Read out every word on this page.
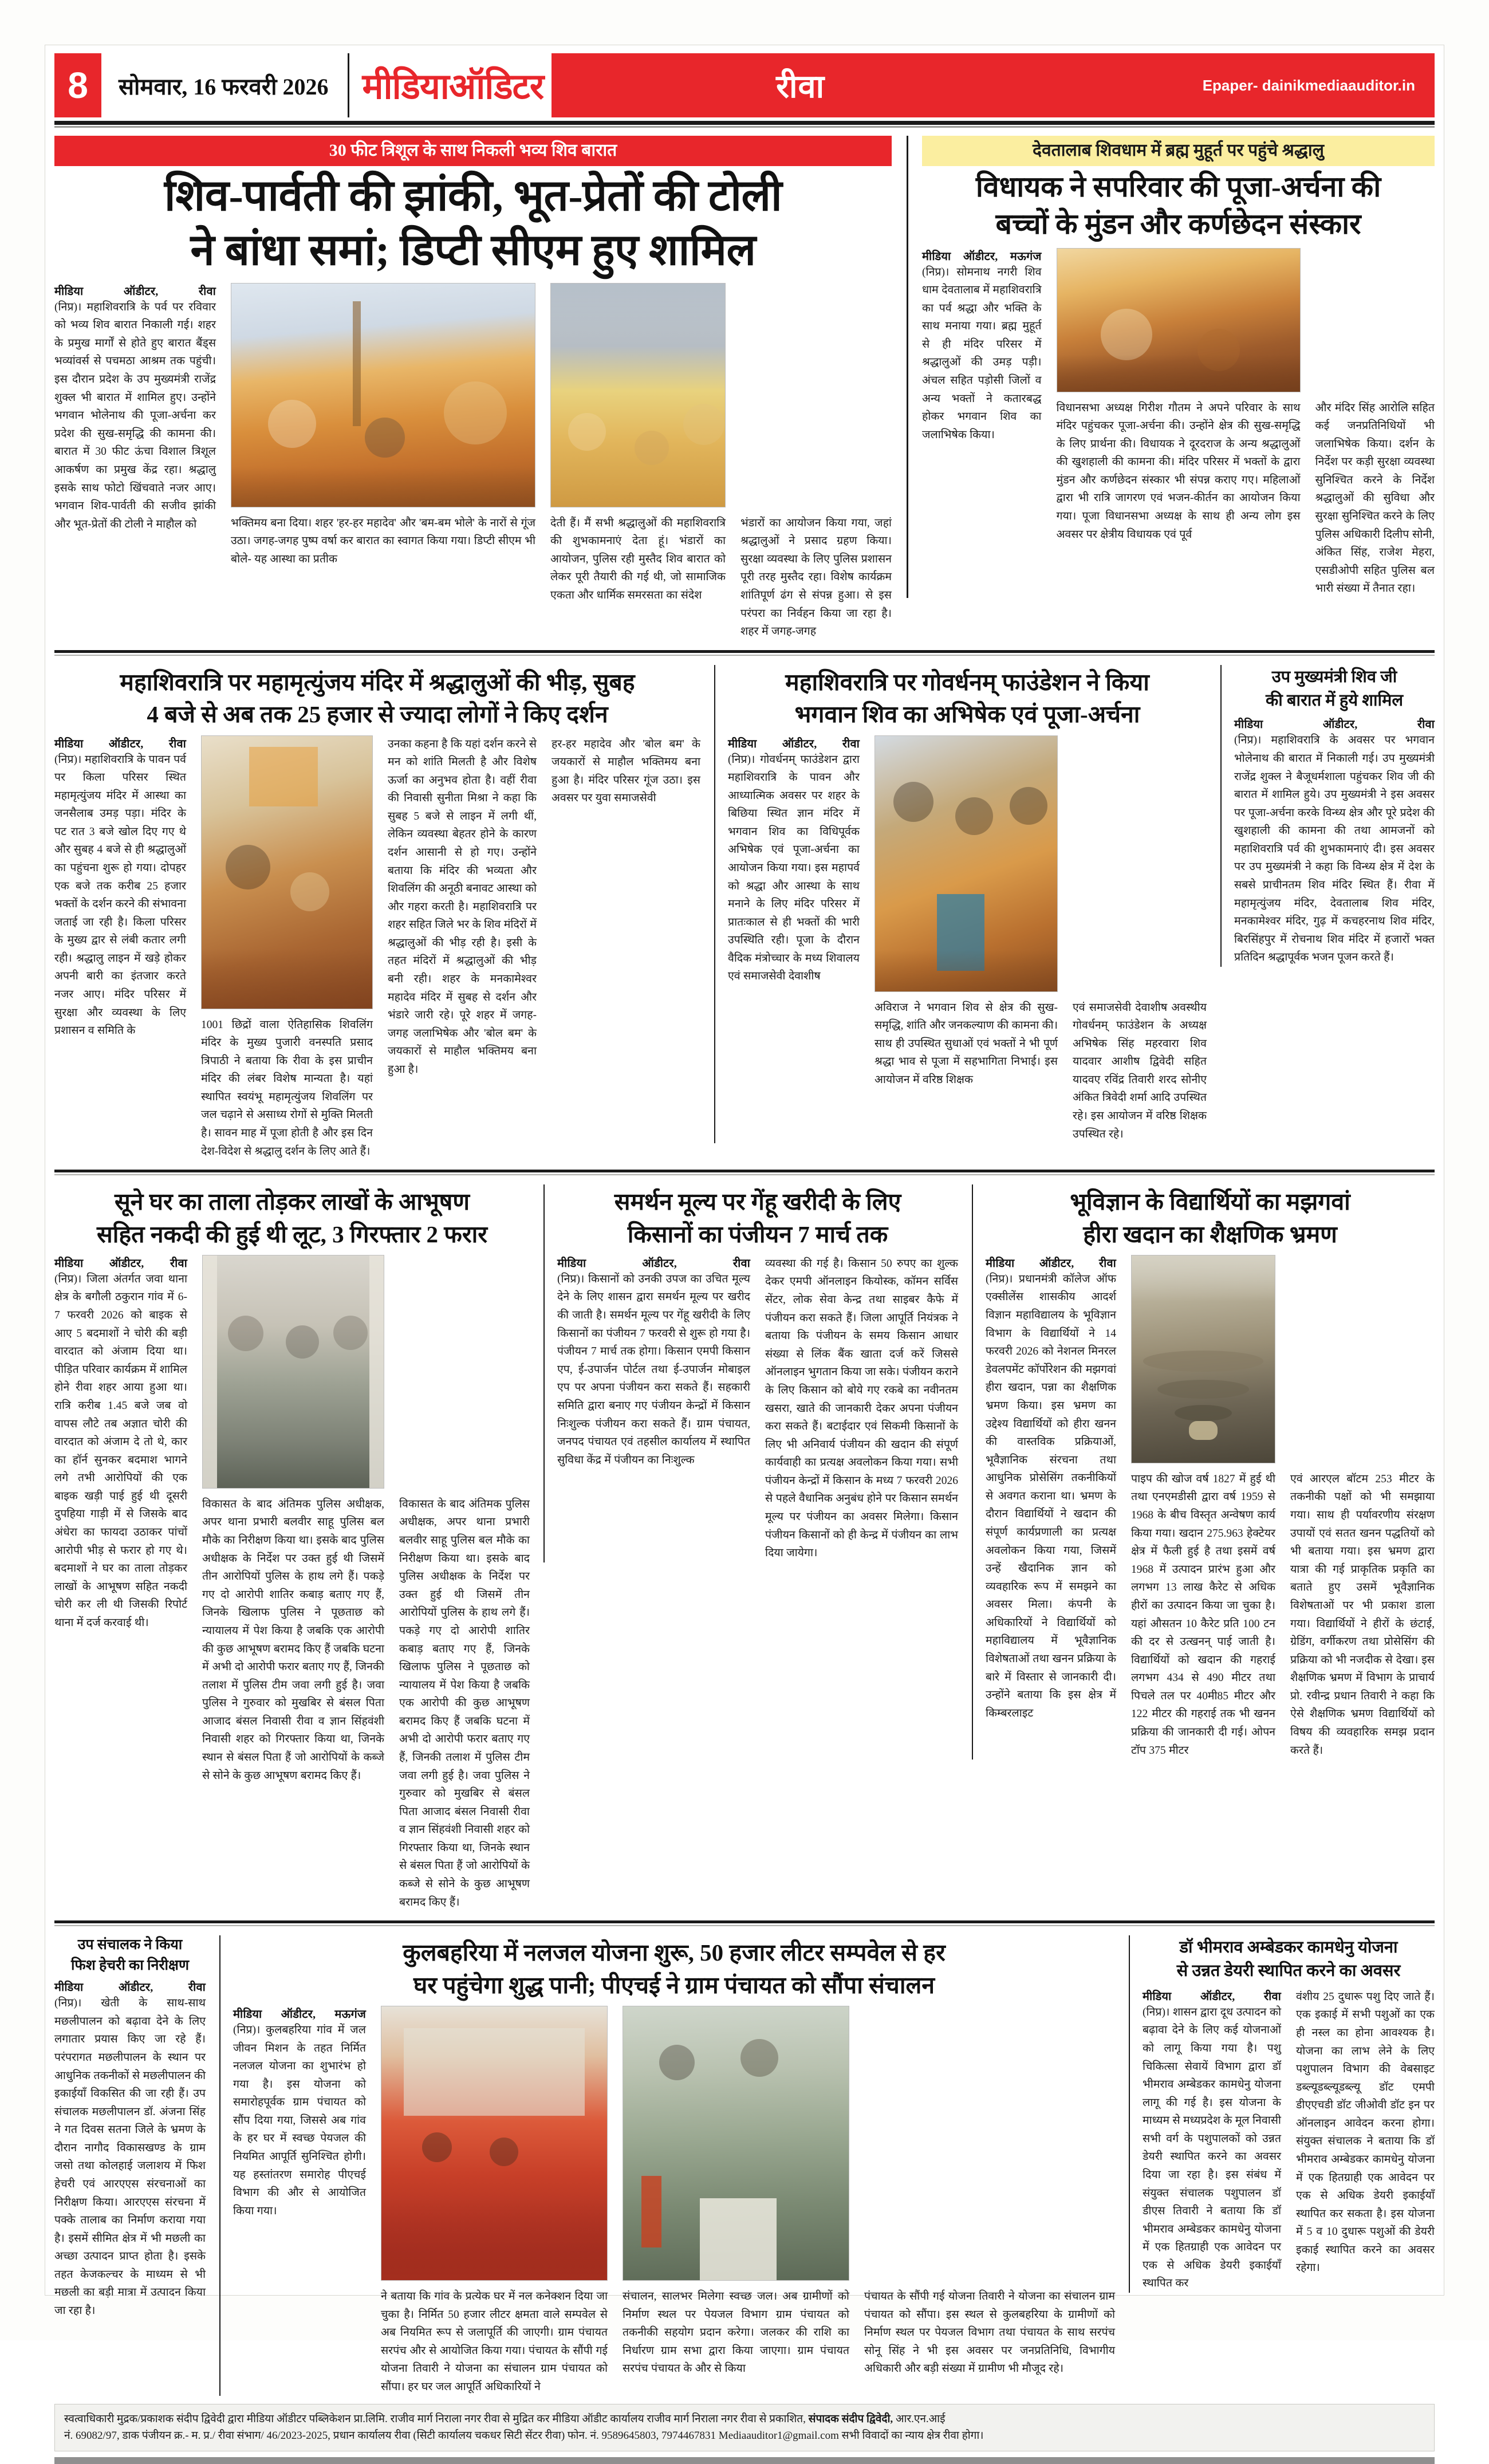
8	सोमवार, 16 फरवरी 2026 मीडियाऑडिटर	रीवा	Epaper- dainikmediaauditor.in
30 फीट त्रिशूल के साथ निकली भव्य शिव बारात
शिव-पार्वती की झांकी, भूत-प्रेतों की टोली
ने बांधा समां; डिप्टी सीएम हुए शामिल
मीडिया ऑडीटर, रीवा
(निप्र)। महाशिवरात्रि के पर्व पर रविवार को भव्य शिव बारात निकाली गई। शहर के प्रमुख मार्गों से होते हुए बारात बैंड्स भव्यांवर्स से पचमठा आश्रम तक पहुंची। इस दौरान प्रदेश के उप मुख्यमंत्री राजेंद्र शुक्ल भी बारात में शामिल हुए। उन्होंने भगवान भोलेनाथ की पूजा-अर्चना कर प्रदेश की सुख-समृद्धि की कामना की। बारात में 30 फीट ऊंचा विशाल त्रिशूल आकर्षण का प्रमुख केंद्र रहा। श्रद्धालु इसके साथ फोटो खिंचवाते नजर आए। भगवान शिव-पार्वती की सजीव झांकी और भूत-प्रेतों की टोली ने माहौल को	भक्तिमय बना दिया। शहर 'हर-हर महादेव' और 'बम-बम भोले' के नारों से गूंज उठा। जगह-जगह पुष्प वर्षा कर बारात का स्वागत किया गया। डिप्टी सीएम भी बोले- यह आस्था का प्रतीक
देती हैं। मैं सभी श्रद्धालुओं की महाशिवरात्रि की शुभकामनाएं देता हूं। भंडारों का आयोजन, पुलिस रही मुस्तैद शिव बारात को लेकर पूरी तैयारी की गई थी, जो सामाजिक एकता और धार्मिक समरसता का संदेश
भंडारों का आयोजन किया गया, जहां श्रद्धालुओं ने प्रसाद ग्रहण किया। सुरक्षा व्यवस्था के लिए पुलिस प्रशासन पूरी तरह मुस्तैद रहा। विशेष कार्यक्रम शांतिपूर्ण ढंग से संपन्न हुआ। से इस परंपरा का निर्वहन किया जा रहा है। शहर में जगह-जगह
देवतालाब शिवधाम में ब्रह्म मुहूर्त पर पहुंचे श्रद्धालु
विधायक ने सपरिवार की पूजा-अर्चना की
बच्चों के मुंडन और कर्णछेदन संस्कार
मीडिया ऑडीटर, मऊगंज
(निप्र)। सोमनाथ नगरी शिव धाम देवतालाब में महाशिवरात्रि का पर्व श्रद्धा और भक्ति के साथ मनाया गया। ब्रह्म मुहूर्त से ही मंदिर परिसर में श्रद्धालुओं की उमड़ पड़ी। अंचल सहित पड़ोसी जिलों व अन्य भक्तों ने कतारबद्ध होकर भगवान शिव का जलाभिषेक किया।
विधानसभा अध्यक्ष गिरीश गौतम ने अपने परिवार के साथ मंदिर पहुंचकर पूजा-अर्चना की। उन्होंने क्षेत्र की सुख-समृद्धि के लिए प्रार्थना की। विधायक ने दूरदराज के अन्य श्रद्धालुओं की खुशहाली की कामना की। मंदिर परिसर में भक्तों के द्वारा मुंडन और कर्णछेदन संस्कार भी संपन्न कराए गए। महिलाओं द्वारा भी रात्रि जागरण एवं भजन-कीर्तन का आयोजन किया गया। पूजा विधानसभा अध्यक्ष के साथ ही अन्य लोग इस अवसर पर क्षेत्रीय विधायक एवं पूर्व
और मंदिर सिंह आरोलि सहित कई जनप्रतिनिधियों भी जलाभिषेक किया। दर्शन के निर्देश पर कड़ी सुरक्षा व्यवस्था सुनिश्चित करने के निर्देश श्रद्धालुओं की सुविधा और सुरक्षा सुनिश्चित करने के लिए पुलिस अधिकारी दिलीप सोनी, अंकित सिंह, राजेश मेहरा, एसडीओपी सहित पुलिस बल भारी संख्या में तैनात रहा।
महाशिवरात्रि पर महामृत्युंजय मंदिर में श्रद्धालुओं की भीड़, सुबह
4 बजे से अब तक 25 हजार से ज्यादा लोगों ने किए दर्शन
मीडिया ऑडीटर, रीवा
(निप्र)। महाशिवरात्रि के पावन पर्व पर किला परिसर स्थित महामृत्युंजय मंदिर में आस्था का जनसैलाब उमड़ पड़ा। मंदिर के पट रात 3 बजे खोल दिए गए थे और सुबह 4 बजे से ही श्रद्धालुओं का पहुंचना शुरू हो गया। दोपहर एक बजे तक करीब 25 हजार भक्तों के दर्शन करने की संभावना जताई जा रही है। किला परिसर के मुख्य द्वार से लंबी कतार लगी रही। श्रद्धालु लाइन में खड़े होकर अपनी बारी का इंतजार करते नजर आए। मंदिर परिसर में सुरक्षा और व्यवस्था के लिए प्रशासन व समिति के
1001 छिद्रों वाला ऐतिहासिक शिवलिंग मंदिर के मुख्य पुजारी वनस्पति प्रसाद त्रिपाठी ने बताया कि रीवा के इस प्राचीन मंदिर की लंबर विशेष मान्यता है। यहां स्थापित स्वयंभू महामृत्युंजय शिवलिंग पर जल चढ़ाने से असाध्य रोगों से मुक्ति मिलती है। सावन माह में पूजा होती है और इस दिन देश-विदेश से श्रद्धालु दर्शन के लिए आते हैं।
उनका कहना है कि यहां दर्शन करने से मन को शांति मिलती है और विशेष ऊर्जा का अनुभव होता है। वहीं रीवा की निवासी सुनीता मिश्रा ने कहा कि सुबह 5 बजे से लाइन में लगी थीं, लेकिन व्यवस्था बेहतर होने के कारण दर्शन आसानी से हो गए। उन्होंने बताया कि मंदिर की भव्यता और शिवलिंग की अनूठी बनावट आस्था को और गहरा करती है। महाशिवरात्रि पर शहर सहित जिले भर के शिव मंदिरों में श्रद्धालुओं की भीड़ रही है। इसी के तहत मंदिरों में श्रद्धालुओं की भीड़ बनी रही। शहर के मनकामेश्वर महादेव मंदिर में सुबह से दर्शन और भंडारे जारी रहे। पूरे शहर में जगह-जगह जलाभिषेक और 'बोल बम' के जयकारों से माहौल भक्तिमय बना हुआ है।
हर-हर महादेव और 'बोल बम' के जयकारों से माहौल भक्तिमय बना हुआ है। मंदिर परिसर गूंज उठा। इस अवसर पर युवा समाजसेवी
महाशिवरात्रि पर गोवर्धनम् फाउंडेशन ने किया
भगवान शिव का अभिषेक एवं पूजा-अर्चना
मीडिया ऑडीटर, रीवा
(निप्र)। गोवर्धनम् फाउंडेशन द्वारा महाशिवरात्रि के पावन और आध्यात्मिक अवसर पर शहर के बिछिया स्थित ज्ञान मंदिर में भगवान शिव का विधिपूर्वक अभिषेक एवं पूजा-अर्चना का आयोजन किया गया। इस महापर्व को श्रद्धा और आस्था के साथ मनाने के लिए मंदिर परिसर में प्रातःकाल से ही भक्तों की भारी उपस्थिति रही। पूजा के दौरान वैदिक मंत्रोच्चार के मध्य शिवालय एवं समाजसेवी देवाशीष
अविराज ने भगवान शिव से क्षेत्र की सुख-समृद्धि, शांति और जनकल्याण की कामना की। साथ ही उपस्थित सुधाओं एवं भक्तों ने भी पूर्ण श्रद्धा भाव से पूजा में सहभागिता निभाई। इस आयोजन में वरिष्ठ शिक्षक
एवं समाजसेवी देवाशीष अवस्थीय गोवर्धनम् फाउंडेशन के अध्यक्ष अभिषेक सिंह महरवारा शिव यादवार आशीष द्विवेदी सहित यादवए रविंद्र तिवारी शरद सोनीए अंकित त्रिवेदी शर्मा आदि उपस्थित रहे। इस आयोजन में वरिष्ठ शिक्षक उपस्थित रहे।
उप मुख्यमंत्री शिव जी
की बारात में हुये शामिल
मीडिया ऑडीटर, रीवा
(निप्र)। महाशिवरात्रि के अवसर पर भगवान भोलेनाथ की बारात में निकाली गई। उप मुख्यमंत्री राजेंद्र शुक्ल ने बैजूधर्मशाला पहुंचकर शिव जी की बारात में शामिल हुये। उप मुख्यमंत्री ने इस अवसर पर पूजा-अर्चना करके विन्ध्य क्षेत्र और पूरे प्रदेश की खुशहाली की कामना की तथा आमजनों को महाशिवरात्रि पर्व की शुभकामनाएं दी। इस अवसर पर उप मुख्यमंत्री ने कहा कि विन्ध्य क्षेत्र में देश के सबसे प्राचीनतम शिव मंदिर स्थित हैं। रीवा में महामृत्युंजय मंदिर, देवतालाब शिव मंदिर, मनकामेश्वर मंदिर, गुढ़ में कचहरनाथ शिव मंदिर, बिरसिंहपुर में रोचनाथ शिव मंदिर में हजारों भक्त प्रतिदिन श्रद्धापूर्वक भजन पूजन करते हैं।
सूने घर का ताला तोड़कर लाखों के आभूषण
सहित नकदी की हुई थी लूट, 3 गिरफ्तार 2 फरार
मीडिया ऑडीटर, रीवा
(निप्र)। जिला अंतर्गत जवा थाना क्षेत्र के बगौली ठकुरान गांव में 6-7 फरवरी 2026 को बाइक से आए 5 बदमाशों ने चोरी की बड़ी वारदात को अंजाम दिया था। पीड़ित परिवार कार्यक्रम में शामिल होने रीवा शहर आया हुआ था। रात्रि करीब 1.45 बजे जब वो वापस लौटे तब अज्ञात चोरी की वारदात को अंजाम दे तो थे, कार का हॉर्न सुनकर बदमाश भागने लगे तभी आरोपियों की एक बाइक खड़ी पाई हुई थी दूसरी दुपहिया गाड़ी में से जिसके बाद अंधेरा का फायदा उठाकर पांचों आरोपी भीड़ से फरार हो गए थे। बदमाशों ने घर का ताला तोड़कर लाखों के आभूषण सहित नकदी चोरी कर ली थी जिसकी रिपोर्ट थाना में दर्ज करवाई थी।
विकासत के बाद अंतिमक पुलिस अधीक्षक, अपर थाना प्रभारी बलवीर साहू पुलिस बल मौके का निरीक्षण किया था। इसके बाद पुलिस अधीक्षक के निर्देश पर उक्त हुई थी जिसमें तीन आरोपियों पुलिस के हाथ लगे हैं। पकड़े गए दो आरोपी शातिर कबाड़ बताए गए हैं, जिनके खिलाफ पुलिस ने पूछताछ को न्यायालय में पेश किया है जबकि एक आरोपी की कुछ आभूषण बरामद किए हैं जबकि घटना में अभी दो आरोपी फरार बताए गए हैं, जिनकी तलाश में पुलिस टीम जवा लगी हुई है। जवा पुलिस ने गुरुवार को मुखबिर से बंसल पिता आजाद बंसल निवासी रीवा व ज्ञान सिंहवंशी निवासी शहर को गिरफ्तार किया था, जिनके स्थान से बंसल पिता हैं जो आरोपियों के कब्जे से सोने के कुछ आभूषण बरामद किए हैं।
विकासत के बाद अंतिमक पुलिस अधीक्षक, अपर थाना प्रभारी बलवीर साहू पुलिस बल मौके का निरीक्षण किया था। इसके बाद पुलिस अधीक्षक के निर्देश पर उक्त हुई थी जिसमें तीन आरोपियों पुलिस के हाथ लगे हैं। पकड़े गए दो आरोपी शातिर कबाड़ बताए गए हैं, जिनके खिलाफ पुलिस ने पूछताछ को न्यायालय में पेश किया है जबकि एक आरोपी की कुछ आभूषण बरामद किए हैं जबकि घटना में अभी दो आरोपी फरार बताए गए हैं, जिनकी तलाश में पुलिस टीम जवा लगी हुई है। जवा पुलिस ने गुरुवार को मुखबिर से बंसल पिता आजाद बंसल निवासी रीवा व ज्ञान सिंहवंशी निवासी शहर को गिरफ्तार किया था, जिनके स्थान से बंसल पिता हैं जो आरोपियों के कब्जे से सोने के कुछ आभूषण बरामद किए हैं।
समर्थन मूल्य पर गेंहू खरीदी के लिए
किसानों का पंजीयन 7 मार्च तक
मीडिया ऑडीटर, रीवा
(निप्र)। किसानों को उनकी उपज का उचित मूल्य देने के लिए शासन द्वारा समर्थन मूल्य पर खरीद की जाती है। समर्थन मूल्य पर गेंहू खरीदी के लिए किसानों का पंजीयन 7 फरवरी से शुरू हो गया है। पंजीयन 7 मार्च तक होगा। किसान एमपी किसान एप, ई-उपार्जन पोर्टल तथा ई-उपार्जन मोबाइल एप पर अपना पंजीयन करा सकते हैं। सहकारी समिति द्वारा बनाए गए पंजीयन केन्द्रों में किसान निःशुल्क पंजीयन करा सकते हैं। ग्राम पंचायत, जनपद पंचायत एवं तहसील कार्यालय में स्थापित सुविधा केंद्र में पंजीयन का निःशुल्क
व्यवस्था की गई है। किसान 50 रुपए का शुल्क देकर एमपी ऑनलाइन कियोस्क, कॉमन सर्विस सेंटर, लोक सेवा केन्द्र तथा साइबर कैफे में पंजीयन करा सकते हैं। जिला आपूर्ति नियंत्रक ने बताया कि पंजीयन के समय किसान आधार संख्या से लिंक बैंक खाता दर्ज करें जिससे ऑनलाइन भुगतान किया जा सके। पंजीयन कराने के लिए किसान को बोये गए रकबे का नवीनतम खसरा, खाते की जानकारी देकर अपना पंजीयन करा सकते हैं। बटाईदार एवं सिकमी किसानों के लिए भी अनिवार्य पंजीयन की खदान की संपूर्ण कार्यवाही का प्रत्यक्ष अवलोकन किया गया। सभी पंजीयन केन्द्रों में किसान के मध्य 7 फरवरी 2026 से पहले वैधानिक अनुबंध होने पर किसान समर्थन मूल्य पर पंजीयन का अवसर मिलेगा। किसान पंजीयन किसानों को ही केन्द्र में पंजीयन का लाभ दिया जायेगा।
भूविज्ञान के विद्यार्थियों का मझगवां
हीरा खदान का शैक्षणिक भ्रमण
मीडिया ऑडीटर, रीवा
(निप्र)। प्रधानमंत्री कॉलेज ऑफ एक्सीलेंस शासकीय आदर्श विज्ञान महाविद्यालय के भूविज्ञान विभाग के विद्यार्थियों ने 14 फरवरी 2026 को नेशनल मिनरल डेवलपमेंट कॉर्पोरेशन की मझगवां हीरा खदान, पन्ना का शैक्षणिक भ्रमण किया। इस भ्रमण का उद्देश्य विद्यार्थियों को हीरा खनन की वास्तविक प्रक्रियाओं, भूवैज्ञानिक संरचना तथा आधुनिक प्रोसेसिंग तकनीकियों से अवगत कराना था। भ्रमण के दौरान विद्यार्थियों ने खदान की संपूर्ण कार्यप्रणाली का प्रत्यक्ष अवलोकन किया गया, जिसमें उन्हें खैदानिक ज्ञान को व्यवहारिक रूप में समझने का अवसर मिला। कंपनी के अधिकारियों ने विद्यार्थियों को महाविद्यालय में भूवैज्ञानिक विशेषताओं तथा खनन प्रक्रिया के बारे में विस्तार से जानकारी दी। उन्होंने बताया कि इस क्षेत्र में किम्बरलाइट
पाइप की खोज वर्ष 1827 में हुई थी तथा एनएमडीसी द्वारा वर्ष 1959 से 1968 के बीच विस्तृत अन्वेषण कार्य किया गया। खदान 275.963 हेक्टेयर क्षेत्र में फैली हुई है तथा इसमें वर्ष 1968 में उत्पादन प्रारंभ हुआ और लगभग 13 लाख कैरेट से अधिक हीरों का उत्पादन किया जा चुका है। यहां औसतन 10 कैरेट प्रति 100 टन की दर से उत्खनन् पाई जाती है। विद्यार्थियों को खदान की गहराई लगभग 434 से 490 मीटर तथा पिचले तल पर 40मी85 मीटर और 122 मीटर की गहराई तक भी खनन प्रक्रिया की जानकारी दी गई। ओपन टॉप 375 मीटर
एवं आरएल बॉटम 253 मीटर के तकनीकी पक्षों को भी समझाया गया। साथ ही पर्यावरणीय संरक्षण उपायों एवं सतत खनन पद्धतियों को भी बताया गया। इस भ्रमण द्वारा यात्रा की गई प्राकृतिक प्रकृति का बताते हुए उसमें भूवैज्ञानिक विशेषताओं पर भी प्रकाश डाला गया। विद्यार्थियों ने हीरों के छंटाई, ग्रेडिंग, वर्गीकरण तथा प्रोसेसिंग की प्रक्रिया को भी नजदीक से देखा। इस शैक्षणिक भ्रमण में विभाग के प्राचार्य प्रो. रवीन्द्र प्रधान तिवारी ने कहा कि ऐसे शैक्षणिक भ्रमण विद्यार्थियों को विषय की व्यवहारिक समझ प्रदान करते हैं।
उप संचालक ने किया
फिश हेचरी का निरीक्षण
मीडिया ऑडीटर, रीवा
(निप्र)। खेती के साथ-साथ मछलीपालन को बढ़ावा देने के लिए लगातार प्रयास किए जा रहे हैं। परंपरागत मछलीपालन के स्थान पर आधुनिक तकनीकों से मछलीपालन की इकाईयाँ विकसित की जा रही हैं। उप संचालक मछलीपालन डॉ. अंजना सिंह ने गत दिवस सतना जिले के भ्रमण के दौरान नागौद विकासखण्ड के ग्राम जसो तथा कोलहाई जलाशय में फिश हेचरी एवं आरएएस संरचनाओं का निरीक्षण किया। आरएएस संरचना में पक्के तालाब का निर्माण कराया गया है। इसमें सीमित क्षेत्र में भी मछली का अच्छा उत्पादन प्राप्त होता है। इसके तहत केजकल्चर के माध्यम से भी मछली का बड़ी मात्रा में उत्पादन किया जा रहा है।
कुलबहरिया में नलजल योजना शुरू, 50 हजार लीटर सम्पवेल से हर
घर पहुंचेगा शुद्ध पानी; पीएचई ने ग्राम पंचायत को सौंपा संचालन
मीडिया ऑडीटर, मऊगंज
(निप्र)। कुलबहरिया गांव में जल जीवन मिशन के तहत निर्मित नलजल योजना का शुभारंभ हो गया है। इस योजना को समारोहपूर्वक ग्राम पंचायत को सौंप दिया गया, जिससे अब गांव के हर घर में स्वच्छ पेयजल की नियमित आपूर्ति सुनिश्चित होगी। यह हस्तांतरण समारोह पीएचई विभाग की और से आयोजित किया गया।
ने बताया कि गांव के प्रत्येक घर में नल कनेक्शन दिया जा चुका है। निर्मित 50 हजार लीटर क्षमता वाले सम्पवेल से अब नियमित रूप से जलापूर्ति की जाएगी। ग्राम पंचायत सरपंच और से आयोजित किया गया। पंचायत के सौंपी गई योजना तिवारी ने योजना का संचालन ग्राम पंचायत को सौंपा। हर घर जल आपूर्ति अधिकारियों ने
संचालन, सालभर मिलेगा स्वच्छ जल। अब ग्रामीणों को निर्माण स्थल पर पेयजल विभाग ग्राम पंचायत को तकनीकी सहयोग प्रदान करेगा। जलकर की राशि का निर्धारण ग्राम सभा द्वारा किया जाएगा। ग्राम पंचायत सरपंच पंचायत के और से किया
पंचायत के सौंपी गई योजना तिवारी ने योजना का संचालन ग्राम पंचायत को सौंपा। इस स्थल से कुलबहरिया के ग्रामीणों को निर्माण स्थल पर पेयजल विभाग तथा पंचायत के साथ सरपंच सोनू सिंह ने भी इस अवसर पर जनप्रतिनिधि, विभागीय अधिकारी और बड़ी संख्या में ग्रामीण भी मौजूद रहे।
डॉ भीमराव अम्बेडकर कामधेनु योजना
से उन्नत डेयरी स्थापित करने का अवसर
मीडिया ऑडीटर, रीवा
(निप्र)। शासन द्वारा दूध उत्पादन को बढ़ावा देने के लिए कई योजनाओं को लागू किया गया है। पशु चिकित्सा सेवायें विभाग द्वारा डॉ भीमराव अम्बेडकर कामधेनु योजना लागू की गई है। इस योजना के माध्यम से मध्यप्रदेश के मूल निवासी सभी वर्ग के पशुपालकों को उन्नत डेयरी स्थापित करने का अवसर दिया जा रहा है। इस संबंध में संयुक्त संचालक पशुपालन डॉ डीएस तिवारी ने बताया कि डॉ भीमराव अम्बेडकर कामधेनु योजना में एक हितग्राही एक आवेदन पर एक से अधिक डेयरी इकाईयाँ स्थापित कर
वंशीय 25 दुधारू पशु दिए जाते हैं। एक इकाई में सभी पशुओं का एक ही नस्ल का होना आवश्यक है। योजना का लाभ लेने के लिए पशुपालन विभाग की वेबसाइट डब्ल्यूडब्ल्यूडब्ल्यू डॉट एमपी डीएएचडी डॉट जीओवी डॉट इन पर ऑनलाइन आवेदन करना होगा। संयुक्त संचालक ने बताया कि डॉ भीमराव अम्बेडकर कामधेनु योजना में एक हितग्राही एक आवेदन पर एक से अधिक डेयरी इकाईयाँ स्थापित कर सकता है। इस योजना में 5 व 10 दुधारू पशुओं की डेयरी इकाई स्थापित करने का अवसर रहेगा।
स्वत्वाधिकारी मुद्रक/प्रकाशक संदीप द्विवेदी द्वारा मीडिया ऑडीटर पब्लिकेशन प्रा.लिमि. राजीव मार्ग निराला नगर रीवा से मुद्रित कर मीडिया ऑडीट कार्यालय राजीव मार्ग निराला नगर रीवा से प्रकाशित, संपादक संदीप द्विवेदी, आर.एन.आई
नं. 69082/97, डाक पंजीयन क्र.- म. प्र./ रीवा संभाग/ 46/2023-2025, प्रधान कार्यालय रीवा (सिटी कार्यालय चकधर सिटी सेंटर रीवा) फोन. नं. 9589645803, 7974467831 Mediaauditor1@gmail.com सभी विवादों का न्याय क्षेत्र रीवा होगा।
